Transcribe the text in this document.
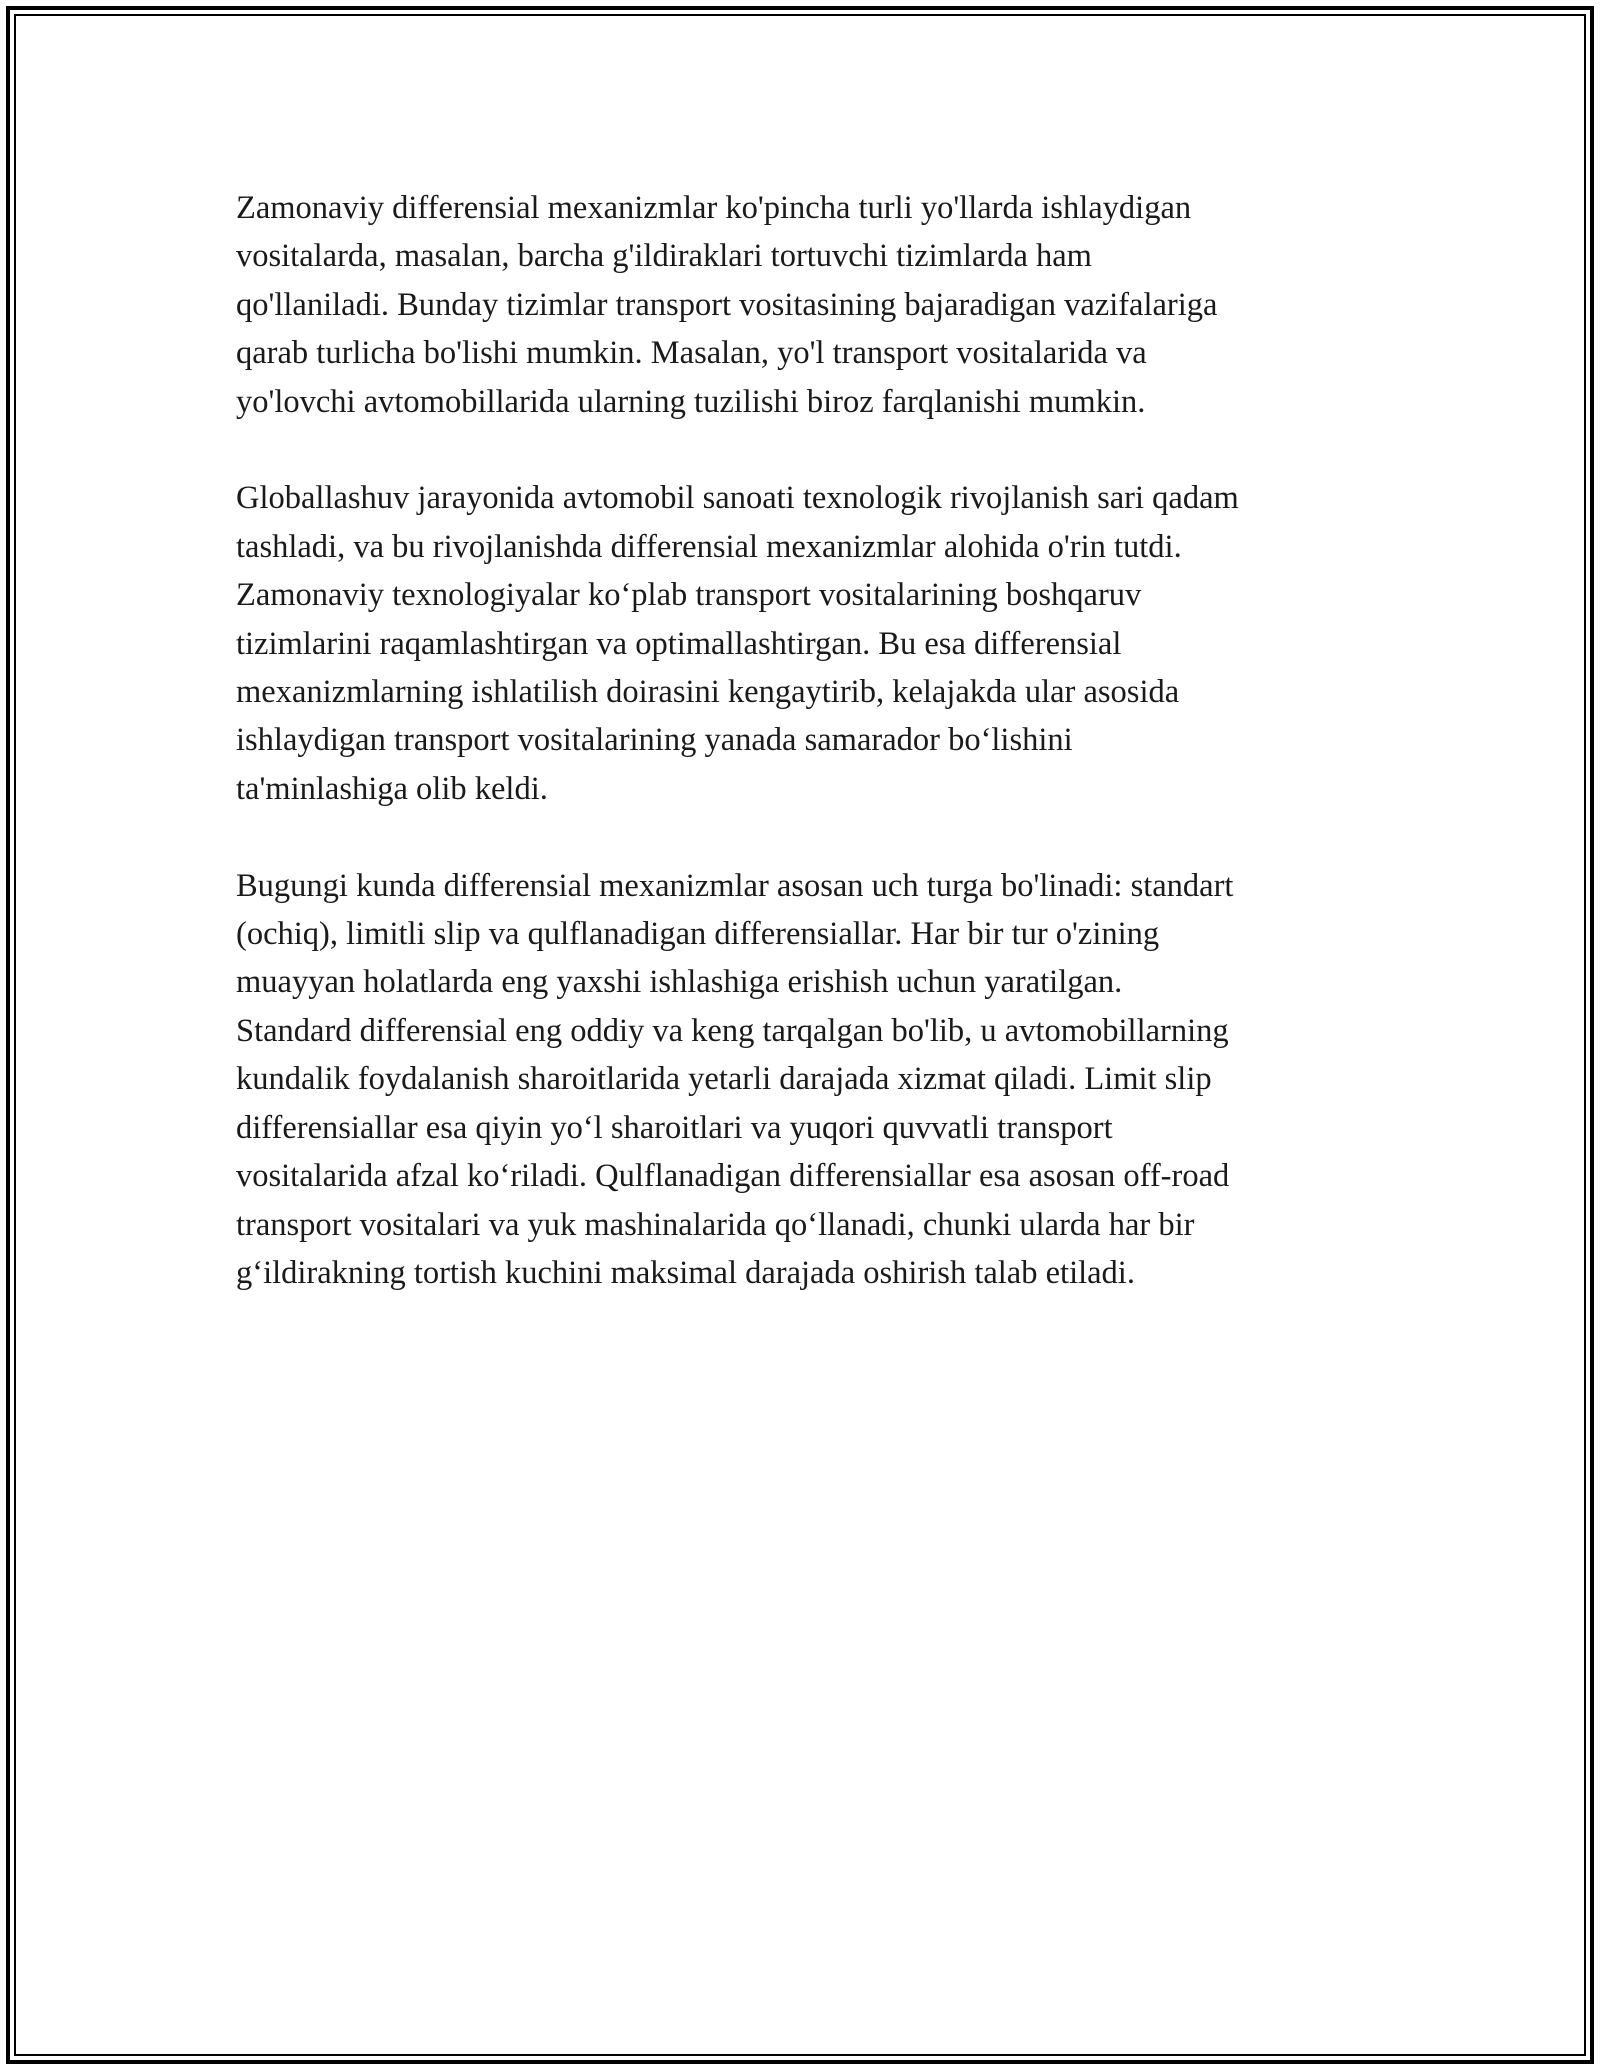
Zamonaviy differensial mexanizmlar ko'pincha turli yo'llarda ishlaydigan
vositalarda, masalan, barcha g'ildiraklari tortuvchi tizimlarda ham
qo'llaniladi. Bunday tizimlar transport vositasining bajaradigan vazifalariga
qarab turlicha bo'lishi mumkin. Masalan, yo'l transport vositalarida va
yo'lovchi avtomobillarida ularning tuzilishi biroz farqlanishi mumkin.

Globallashuv jarayonida avtomobil sanoati texnologik rivojlanish sari qadam
tashladi, va bu rivojlanishda differensial mexanizmlar alohida o'rin tutdi.
Zamonaviy texnologiyalar ko‘plab transport vositalarining boshqaruv
tizimlarini raqamlashtirgan va optimallashtirgan. Bu esa differensial
mexanizmlarning ishlatilish doirasini kengaytirib, kelajakda ular asosida
ishlaydigan transport vositalarining yanada samarador bo‘lishini
ta'minlashiga olib keldi.

Bugungi kunda differensial mexanizmlar asosan uch turga bo'linadi: standart
(ochiq), limitli slip va qulflanadigan differensiallar. Har bir tur o'zining
muayyan holatlarda eng yaxshi ishlashiga erishish uchun yaratilgan.
Standard differensial eng oddiy va keng tarqalgan bo'lib, u avtomobillarning
kundalik foydalanish sharoitlarida yetarli darajada xizmat qiladi. Limit slip
differensiallar esa qiyin yo‘l sharoitlari va yuqori quvvatli transport
vositalarida afzal ko‘riladi. Qulflanadigan differensiallar esa asosan off-road
transport vositalari va yuk mashinalarida qo‘llanadi, chunki ularda har bir
g‘ildirakning tortish kuchini maksimal darajada oshirish talab etiladi.
